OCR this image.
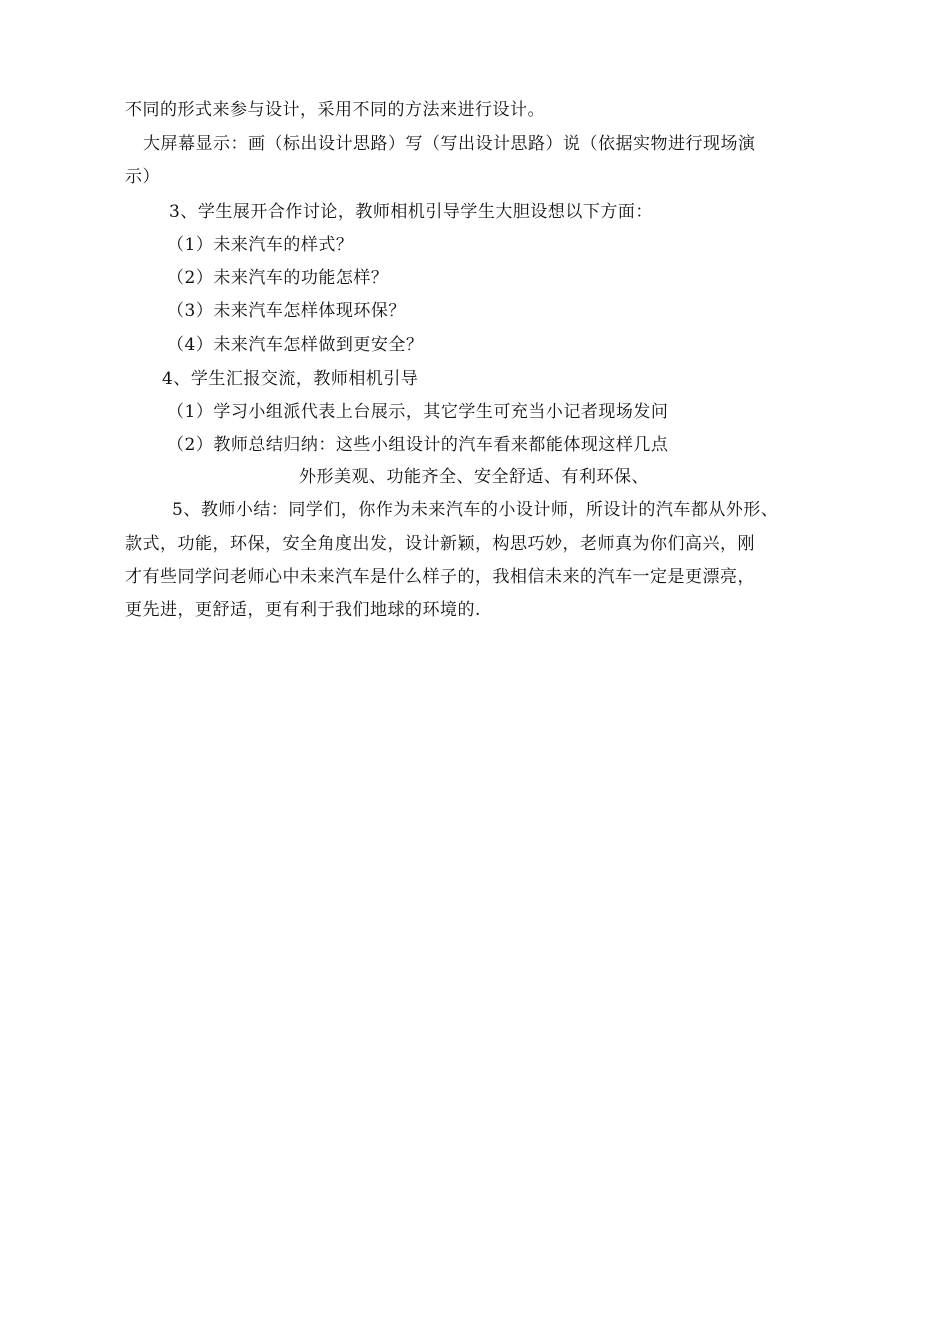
不同的形式来参与设计，采用不同的方法来进行设计。
大屏幕显示：画（标出设计思路）写（写出设计思路）说（依据实物进行现场演
示）
3、学生展开合作讨论，教师相机引导学生大胆设想以下方面：
（1）未来汽车的样式？
（2）未来汽车的功能怎样？
（3）未来汽车怎样体现环保？
（4）未来汽车怎样做到更安全？
4、学生汇报交流，教师相机引导
（1）学习小组派代表上台展示，其它学生可充当小记者现场发问
（2）教师总结归纳：这些小组设计的汽车看来都能体现这样几点
外形美观、功能齐全、安全舒适、有利环保、
5、教师小结：同学们，你作为未来汽车的小设计师，所设计的汽车都从外形、
款式，功能，环保，安全角度出发，设计新颖，构思巧妙，老师真为你们高兴，刚
才有些同学问老师心中未来汽车是什么样子的，我相信未来的汽车一定是更漂亮，
更先进，更舒适，更有利于我们地球的环境的.
